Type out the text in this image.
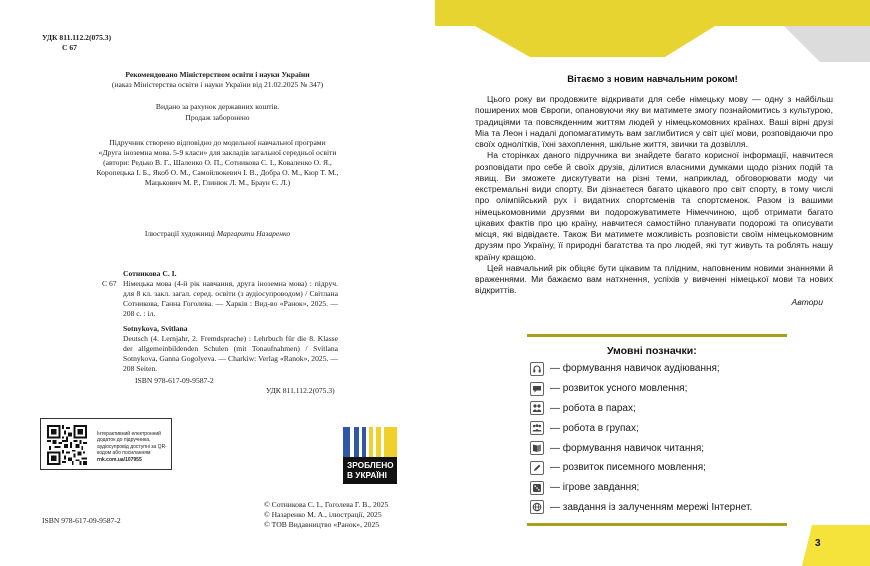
УДК 811.112.2(075.3)
С 67
Рекомендовано Міністерством освіти і науки України
(наказ Міністерства освіти і науки України від 21.02.2025 № 347)
Видано за рахунок державних коштів.
Продаж заборонено
Підручник створено відповідно до модельної навчальної програми
«Друга іноземна мова. 5-9 класи» для закладів загальної середньої освіти
(автори: Редько В. Г., Шаленко О. П., Сотникова С. І., Коваленко О. Я.,
Коропецька І. Б., Якоб О. М., Самойлюкевич І. В., Добра О. М., Кюр Т. М.,
Мацькович М. Р., Глинюк Л. М., Браун Є. Л.)
Ілюстрації художниці Маргарити Назаренко
Сотникова С. І.
С 67 Німецька мова (4-й рік навчання, друга іноземна мова) : підруч. для 8 кл. закл. загал. серед. освіти (з аудіосупроводом) / Світлана Сотникова, Ганна Гоголева. — Харків : Вид-во «Ранок», 2025. — 208 с. : іл.
Sotnykova, Svitlana
Deutsch (4. Lernjahr, 2. Fremdsprache) : Lehrbuch für die 8. Klasse der allgemeinbildenden Schulen (mit Tonaufnahmen) / Svitlana Sotnykova, Ganna Gogolyeva. — Charkiw: Verlag «Ranok», 2025. — 208 Seiten.
ISBN 978-617-09-9587-2
УДК 811.112.2(075.3)
Інтерактивний електронний додаток до підручника, аудіосупровід доступні за QR-кодом або посиланням
rnk.com.ua/107955
ЗРОБЛЕНО
В УКРАЇНІ
© Сотникова С. І., Гоголева Г. В., 2025
© Назаренко М. А., ілюстрації, 2025
© ТОВ Видавництво «Ранок», 2025
ISBN 978-617-09-9587-2
Вітаємо з новим навчальним роком!

Цього року ви продовжите відкривати для себе німецьку мову — одну з найбільш поширених мов Європи, опановуючи яку ви матимете змогу познайомитись з культурою, традиціями та повсякденним життям людей у німецькомовних країнах. Ваші вірні друзі Міа та Леон і надалі допомагатимуть вам заглибитися у світ цієї мови, розповідаючи про своїх однолітків, їхні захоплення, шкільне життя, звички та дозвілля.

На сторінках даного підручника ви знайдете багато корисної інформації, навчитеся розповідати про себе й своїх друзів, ділитися власними думками щодо різних подій та явищ. Ви зможете дискутувати на різні теми, наприклад, обговорювати моду чи екстремальні види спорту. Ви дізнаєтеся багато цікавого про світ спорту, в тому числі про олімпійський рух і видатних спортсменів та спортсменок. Разом із вашими німецькомовними друзями ви подорожуватимете Німеччиною, щоб отримати багато цікавих фактів про цю країну, навчитеся самостійно планувати подорожі та описувати місця, які відвідаєте. Також Ви матимете можливість розповісти своїм німецькомовним друзям про Україну, її природні багатства та про людей, які тут живуть та роблять нашу країну кращою.

Цей навчальний рік обіцяє бути цікавим та плідним, наповненим новими знаннями й враженнями. Ми бажаємо вам натхнення, успіхів у вивченні німецької мови та нових відкриттів.

Автори
Умовні позначки:
— формування навичок аудіювання;
— розвиток усного мовлення;
— робота в парах;
— робота в групах;
— формування навичок читання;
— розвиток писемного мовлення;
— ігрове завдання;
— завдання із залученням мережі Інтернет.
3
